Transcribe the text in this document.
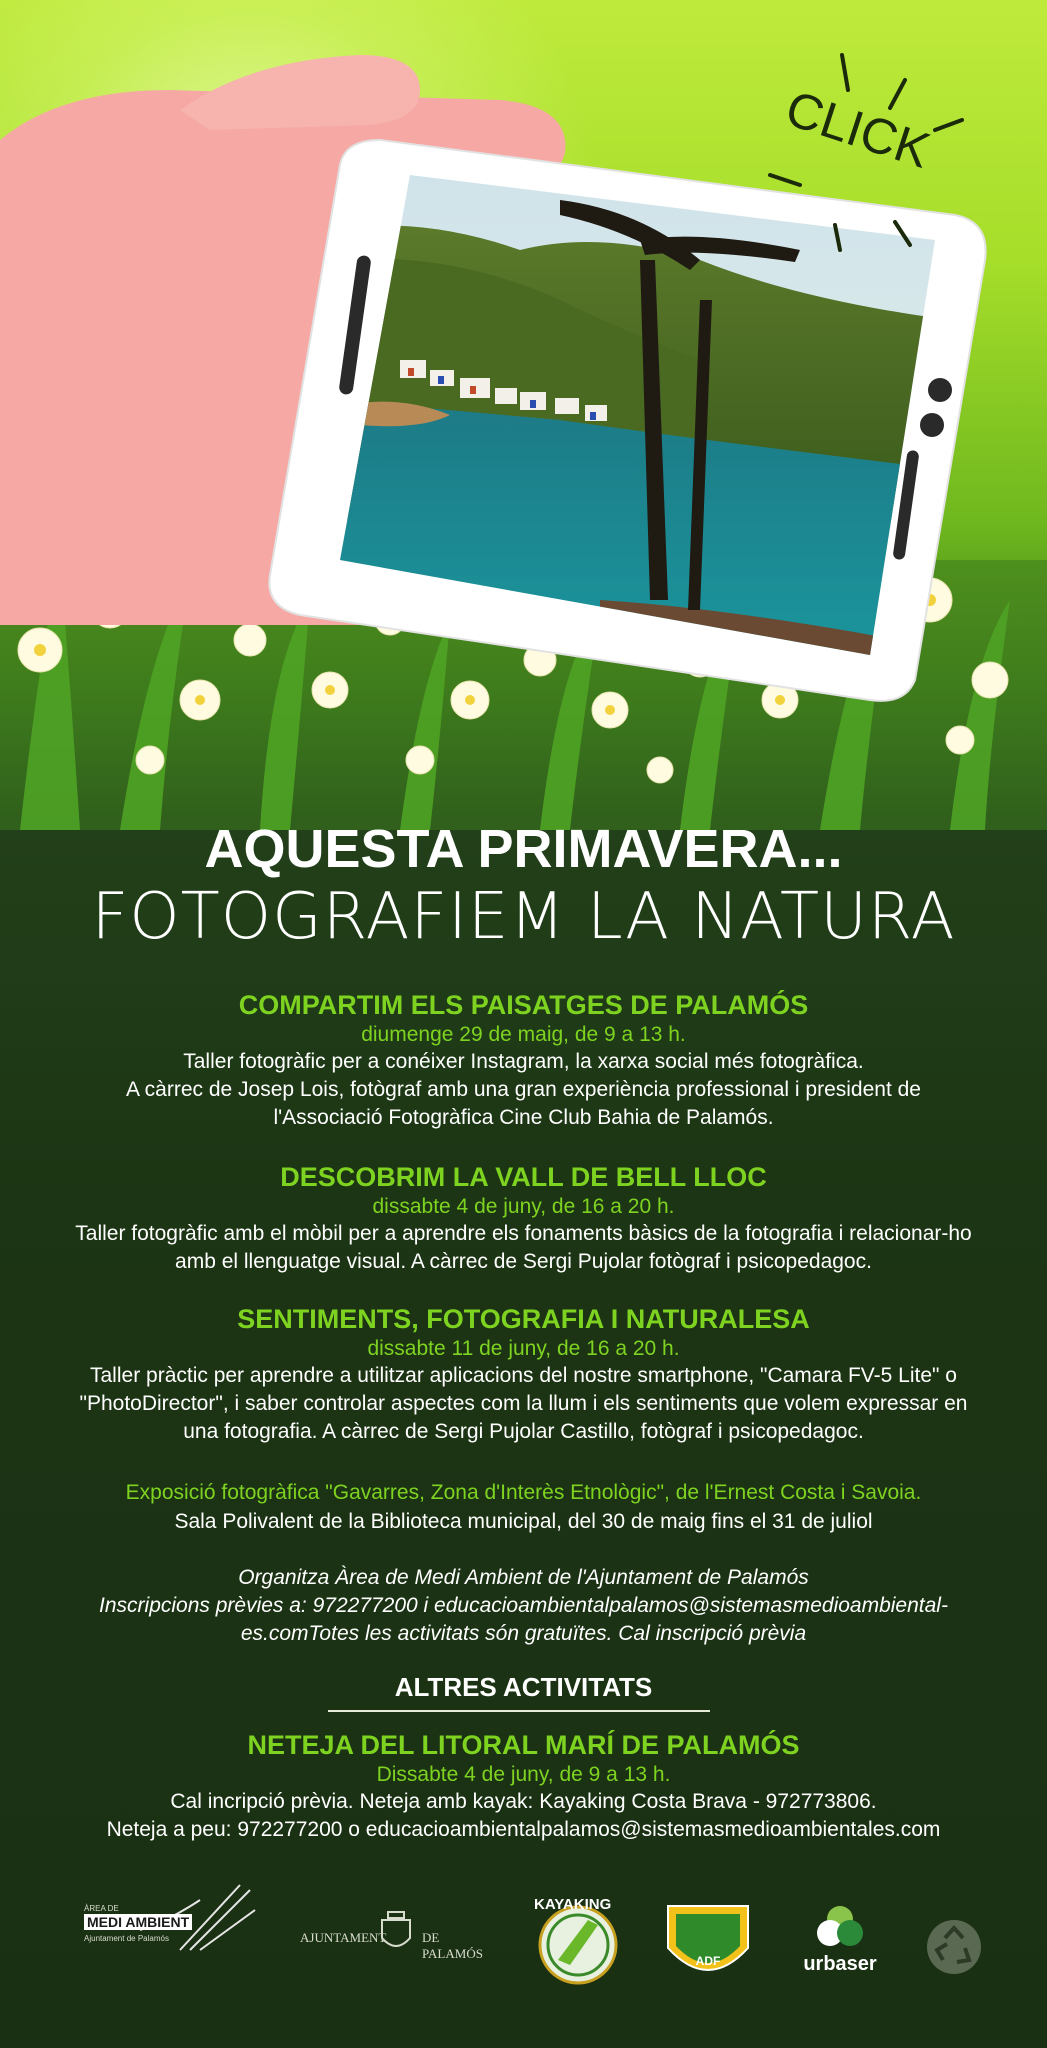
CLICK
AQUESTA PRIMAVERA...
FOTOGRAFIEM LA NATURA
COMPARTIM ELS PAISATGES DE PALAMÓS
diumenge 29 de maig, de 9 a 13 h.
Taller fotogràfic per a conéixer Instagram, la xarxa social més fotogràfica.
A càrrec de Josep Lois, fotògraf amb una gran experiència professional i president de
l'Associació Fotogràfica Cine Club Bahia de Palamós.
DESCOBRIM LA VALL DE BELL LLOC
dissabte 4 de juny, de 16 a 20 h.
Taller fotogràfic amb el mòbil per a aprendre els fonaments bàsics de la fotografia i relacionar-ho
amb el llenguatge visual. A càrrec de Sergi Pujolar fotògraf i psicopedagoc.
SENTIMENTS, FOTOGRAFIA I NATURALESA
dissabte 11 de juny, de 16 a 20 h.
Taller pràctic per aprendre a utilitzar aplicacions del nostre smartphone, "Camara FV-5 Lite" o
"PhotoDirector", i saber controlar aspectes com la llum i els sentiments que volem expressar en
una fotografia. A càrrec de Sergi Pujolar Castillo, fotògraf i psicopedagoc.
Exposició fotogràfica "Gavarres, Zona d'Interès Etnològic", de l'Ernest Costa i Savoia.
Sala Polivalent de la Biblioteca municipal, del 30 de maig fins el 31 de juliol
Organitza Àrea de Medi Ambient de l'Ajuntament de Palamós
Inscripcions prèvies a: 972277200 i educacioambientalpalamos@sistemasmedioambiental-
es.comTotes les activitats són gratuïtes. Cal inscripció prèvia
ALTRES ACTIVITATS
NETEJA DEL LITORAL MARÍ DE PALAMÓS
Dissabte 4 de juny, de 9 a 13 h.
Cal incripció prèvia. Neteja amb kayak: Kayaking Costa Brava - 972773806.
Neteja a peu: 972277200 o educacioambientalpalamos@sistemasmedioambientales.com
ÀREA DE
MEDI AMBIENT
Ajuntament de Palamós	AJUNTAMENT	DE PALAMÓS
KAYAKING
ADF	urbaser
